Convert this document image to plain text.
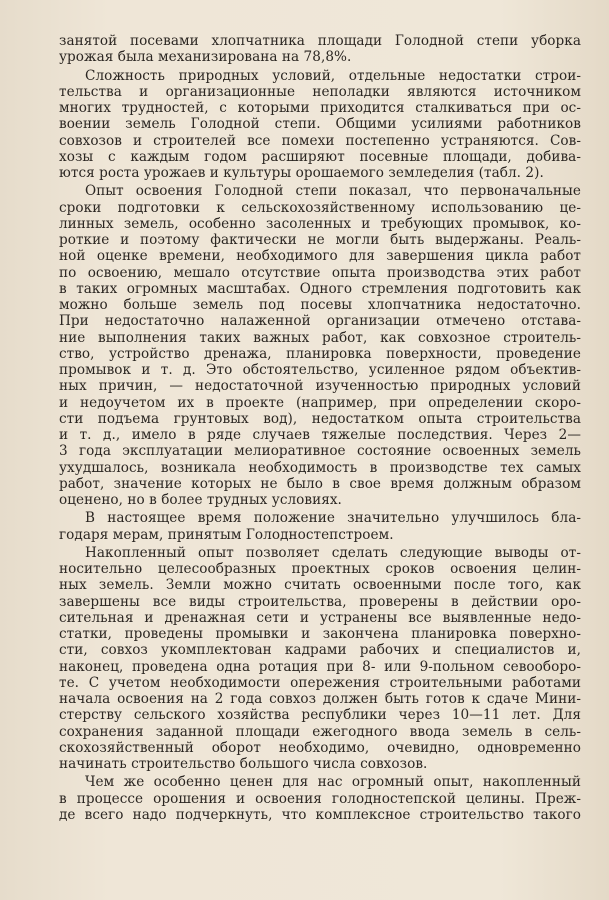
занятой посевами хлопчатника площади Голодной степи уборка
урожая была механизирована на 78,8%.
Сложность природных условий, отдельные недостатки строи-
тельства и организационные неполадки являются источником
многих трудностей, с которыми приходится сталкиваться при ос-
воении земель Голодной степи. Общими усилиями работников
совхозов и строителей все помехи постепенно устраняются. Сов-
хозы с каждым годом расширяют посевные площади, добива-
ются роста урожаев и культуры орошаемого земледелия (табл. 2).
Опыт освоения Голодной степи показал, что первоначальные
сроки подготовки к сельскохозяйственному использованию це-
линных земель, особенно засоленных и требующих промывок, ко-
роткие и поэтому фактически не могли быть выдержаны. Реаль-
ной оценке времени, необходимого для завершения цикла работ
по освоению, мешало отсутствие опыта производства этих работ
в таких огромных масштабах. Одного стремления подготовить как
можно больше земель под посевы хлопчатника недостаточно.
При недостаточно налаженной организации отмечено отстава-
ние выполнения таких важных работ, как совхозное строитель-
ство, устройство дренажа, планировка поверхности, проведение
промывок и т. д. Это обстоятельство, усиленное рядом объектив-
ных причин, — недостаточной изученностью природных условий
и недоучетом их в проекте (например, при определении скоро-
сти подъема грунтовых вод), недостатком опыта строительства
и т. д., имело в ряде случаев тяжелые последствия. Через 2—
3 года эксплуатации мелиоративное состояние освоенных земель
ухудшалось, возникала необходимость в производстве тех самых
работ, значение которых не было в свое время должным образом
оценено, но в более трудных условиях.
В настоящее время положение значительно улучшилось бла-
годаря мерам, принятым Голодностепстроем.
Накопленный опыт позволяет сделать следующие выводы от-
носительно целесообразных проектных сроков освоения целин-
ных земель. Земли можно считать освоенными после того, как
завершены все виды строительства, проверены в действии оро-
сительная и дренажная сети и устранены все выявленные недо-
статки, проведены промывки и закончена планировка поверхно-
сти, совхоз укомплектован кадрами рабочих и специалистов и,
наконец, проведена одна ротация при 8- или 9-польном севооборо-
те. С учетом необходимости опережения строительными работами
начала освоения на 2 года совхоз должен быть готов к сдаче Мини-
стерству сельского хозяйства республики через 10—11 лет. Для
сохранения заданной площади ежегодного ввода земель в сель-
скохозяйственный оборот необходимо, очевидно, одновременно
начинать строительство большого числа совхозов.
Чем же особенно ценен для нас огромный опыт, накопленный
в процессе орошения и освоения голодностепской целины. Преж-
де всего надо подчеркнуть, что комплексное строительство такого
